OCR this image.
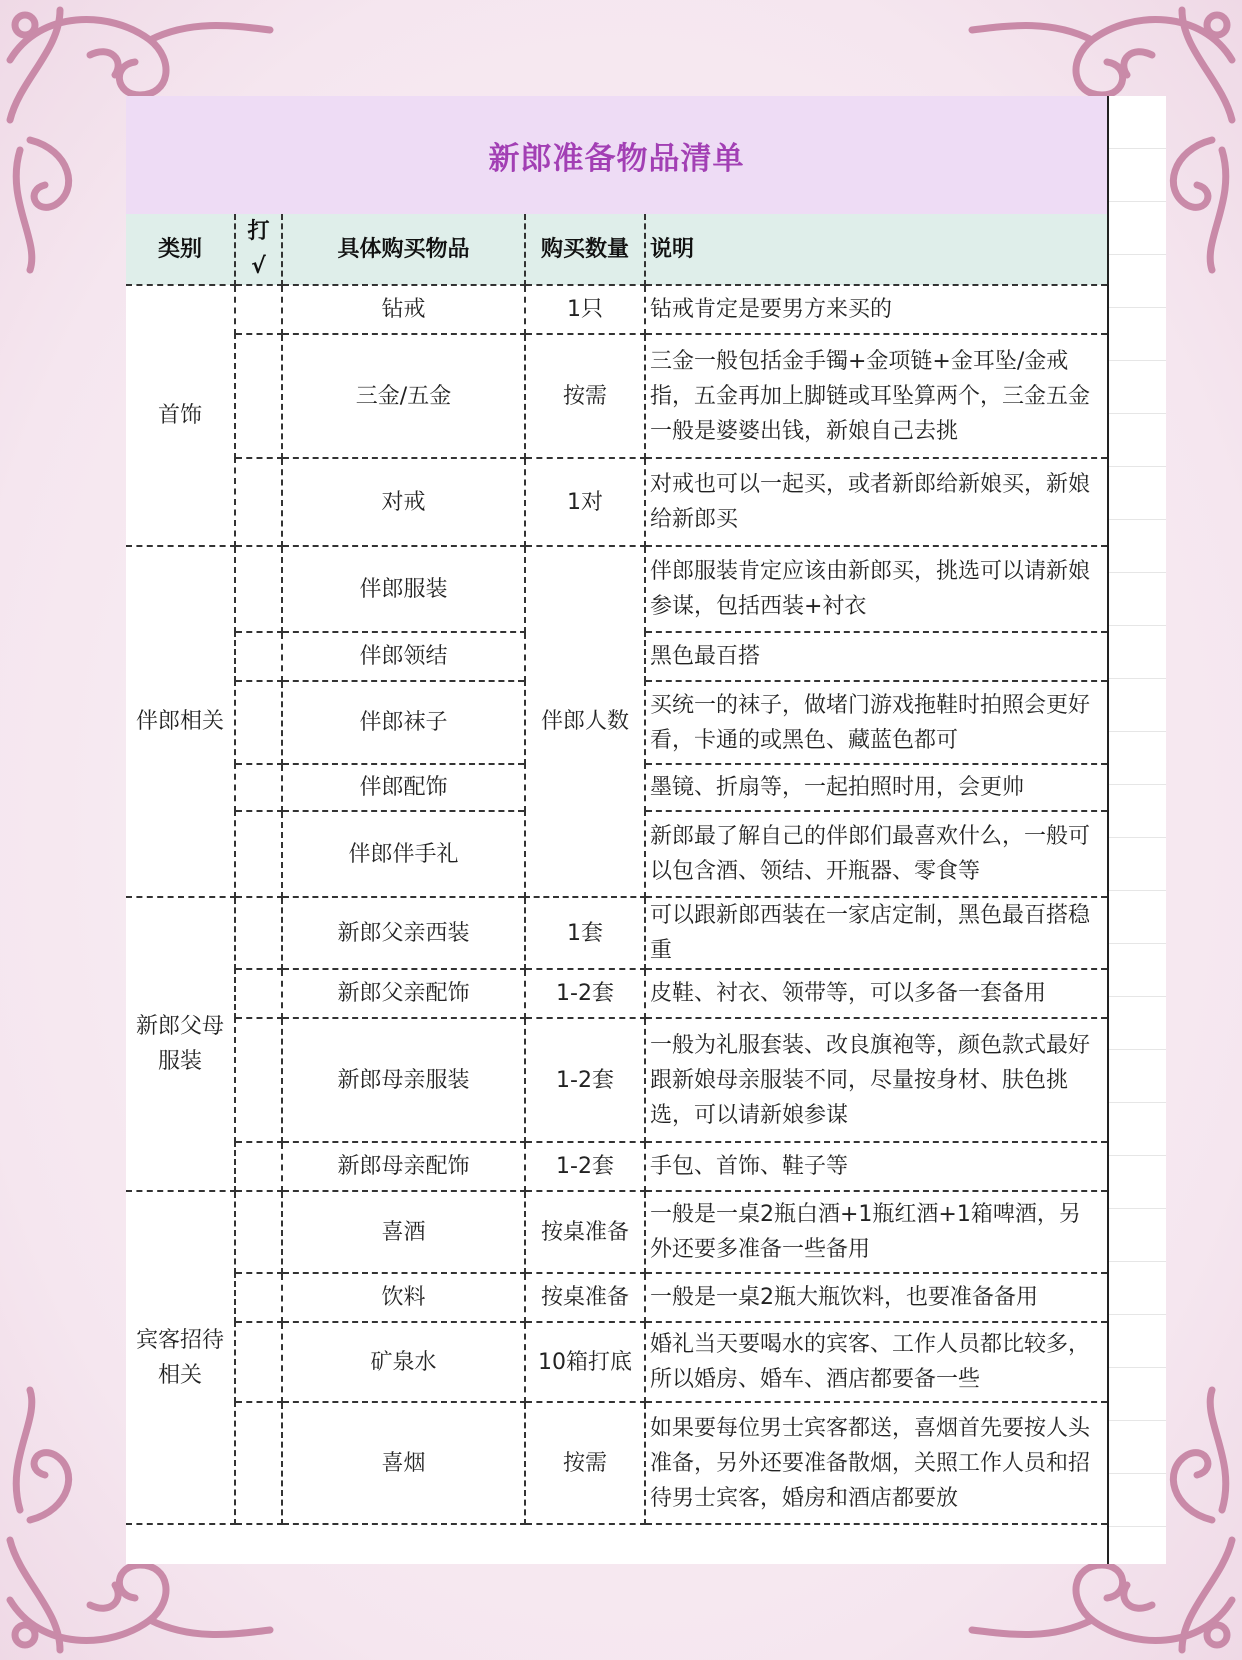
新郎准备物品清单
类别	打√	具体购买物品	购买数量	说明
首饰		钻戒	1只	钻戒肯定是要男方来买的
		三金/五金	按需	三金一般包括金手镯+金项链+金耳坠/金戒指，五金再加上脚链或耳坠算两个，三金五金一般是婆婆出钱，新娘自己去挑
		对戒	1对	对戒也可以一起买，或者新郎给新娘买，新娘给新郎买
伴郎相关		伴郎服装	伴郎人数	伴郎服装肯定应该由新郎买，挑选可以请新娘参谋，包括西装+衬衣
		伴郎领结		黑色最百搭
		伴郎袜子		买统一的袜子，做堵门游戏拖鞋时拍照会更好看，卡通的或黑色、藏蓝色都可
		伴郎配饰		墨镜、折扇等，一起拍照时用，会更帅
		伴郎伴手礼		新郎最了解自己的伴郎们最喜欢什么，一般可以包含酒、领结、开瓶器、零食等
新郎父母服装		新郎父亲西装	1套	可以跟新郎西装在一家店定制，黑色最百搭稳重
		新郎父亲配饰	1-2套	皮鞋、衬衣、领带等，可以多备一套备用
		新郎母亲服装	1-2套	一般为礼服套装、改良旗袍等，颜色款式最好跟新娘母亲服装不同，尽量按身材、肤色挑选，可以请新娘参谋
		新郎母亲配饰	1-2套	手包、首饰、鞋子等
宾客招待相关		喜酒	按桌准备	一般是一桌2瓶白酒+1瓶红酒+1箱啤酒，另外还要多准备一些备用
		饮料	按桌准备	一般是一桌2瓶大瓶饮料，也要准备备用
		矿泉水	10箱打底	婚礼当天要喝水的宾客、工作人员都比较多，所以婚房、婚车、酒店都要备一些
		喜烟	按需	如果要每位男士宾客都送，喜烟首先要按人头准备，另外还要准备散烟，关照工作人员和招待男士宾客，婚房和酒店都要放
